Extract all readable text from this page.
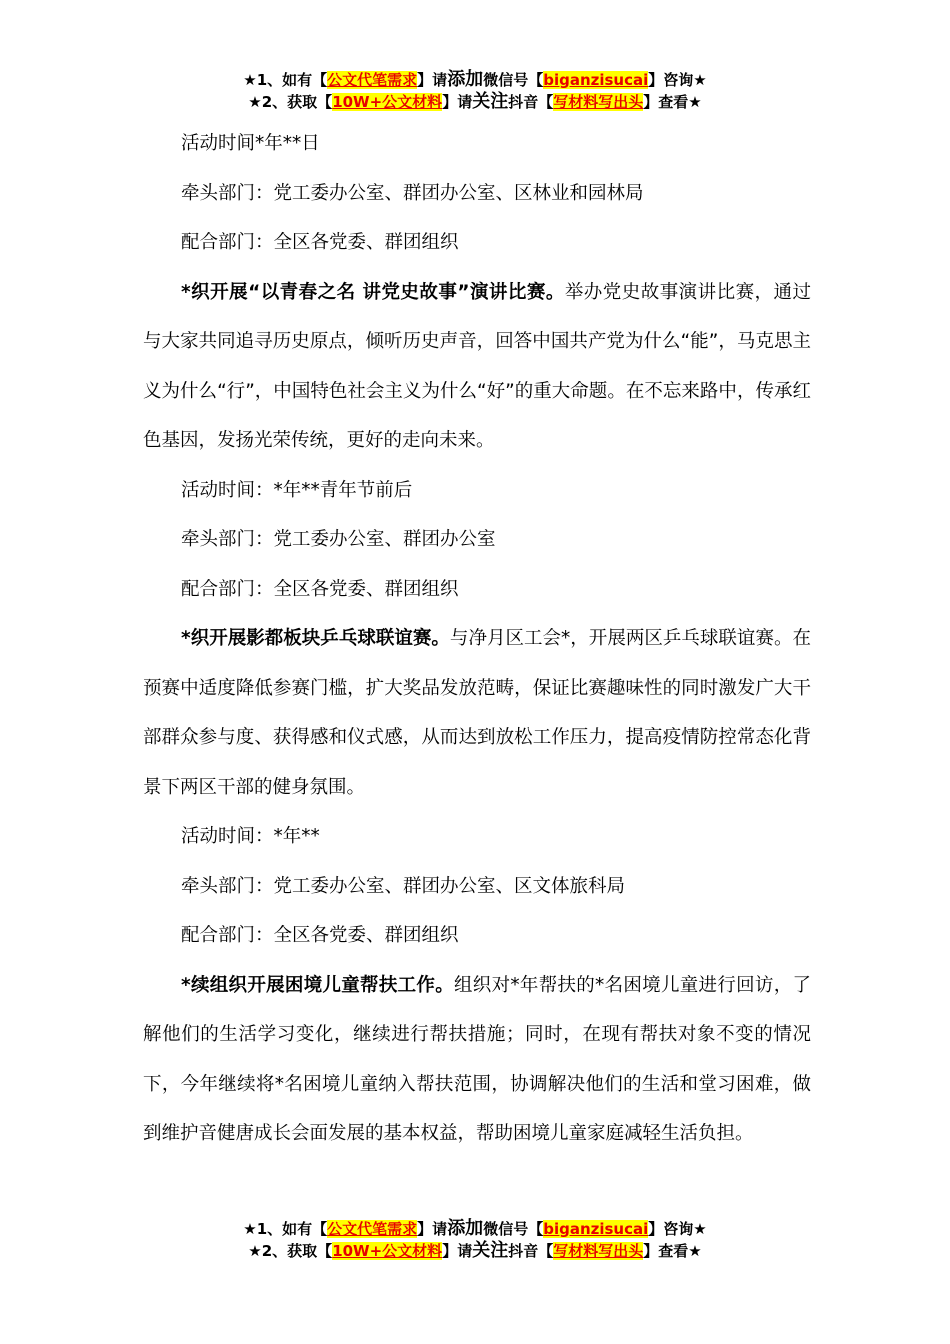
★1、如有【公文代笔需求】请添加微信号【biganzisucai】咨询★
★2、获取【10W+公文材料】请关注抖音【写材料写出头】查看★

活动时间*年**日

牵头部门：党工委办公室、群团办公室、区林业和园林局

配合部门：全区各党委、群团组织

*织开展“以青春之名 讲党史故事”演讲比赛。举办党史故事演讲比赛，通过与大家共同追寻历史原点，倾听历史声音，回答中国共产党为什么“能”，马克思主义为什么“行”，中国特色社会主义为什么“好”的重大命题。在不忘来路中，传承红色基因，发扬光荣传统，更好的走向未来。

活动时间：*年**青年节前后

牵头部门：党工委办公室、群团办公室

配合部门：全区各党委、群团组织

*织开展影都板块乒乓球联谊赛。与净月区工会*，开展两区乒乓球联谊赛。在预赛中适度降低参赛门槛，扩大奖品发放范畴，保证比赛趣味性的同时激发广大干部群众参与度、获得感和仪式感，从而达到放松工作压力，提高疫情防控常态化背景下两区干部的健身氛围。

活动时间：*年**

牵头部门：党工委办公室、群团办公室、区文体旅科局

配合部门：全区各党委、群团组织

*续组织开展困境儿童帮扶工作。组织对*年帮扶的*名困境儿童进行回访，了解他们的生活学习变化，继续进行帮扶措施；同时，在现有帮扶对象不变的情况下，今年继续将*名困境儿童纳入帮扶范围，协调解决他们的生活和堂习困难，做到维护音健唐成长会面发展的基本权益，帮助困境儿童家庭减轻生活负担。

★1、如有【公文代笔需求】请添加微信号【biganzisucai】咨询★
★2、获取【10W+公文材料】请关注抖音【写材料写出头】查看★
